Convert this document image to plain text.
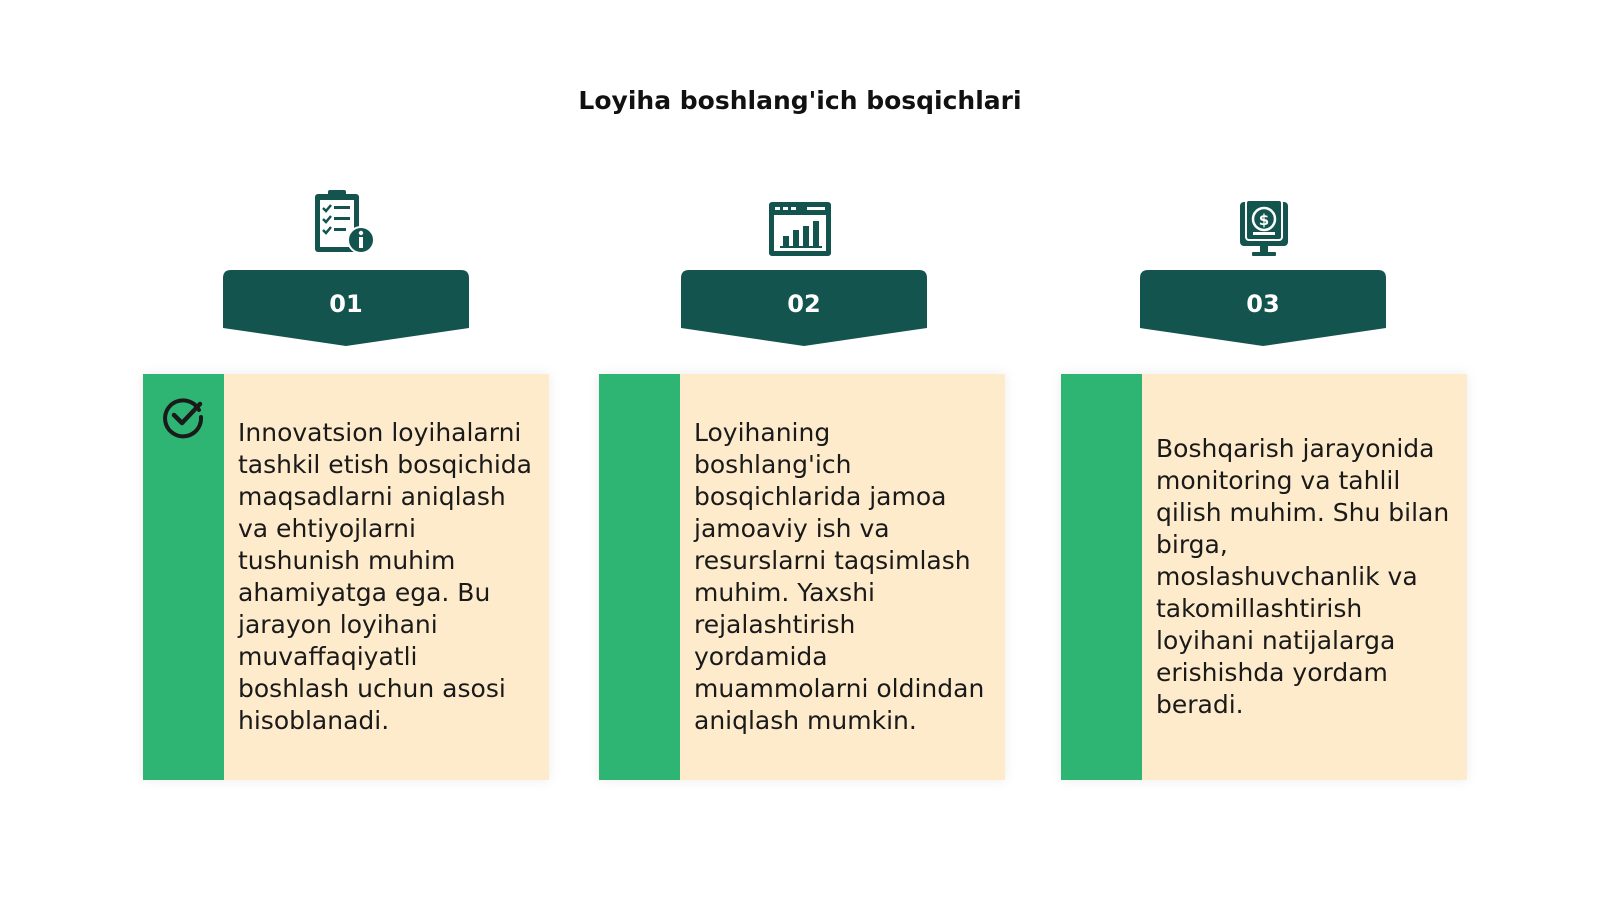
Loyiha boshlang'ich bosqichlari
01

Innovatsion loyihalarni tashkil etish bosqichida maqsadlarni aniqlash va ehtiyojlarni tushunish muhim ahamiyatga ega. Bu jarayon loyihani muvaffaqiyatli boshlash uchun asosi hisoblanadi.

02

Loyihaning boshlang'ich bosqichlarida jamoa jamoaviy ish va resurslarni taqsimlash muhim. Yaxshi rejalashtirish yordamida muammolarni oldindan aniqlash mumkin.

$
03

Boshqarish jarayonida monitoring va tahlil qilish muhim. Shu bilan birga, moslashuvchanlik va takomillashtirish loyihani natijalarga erishishda yordam beradi.
